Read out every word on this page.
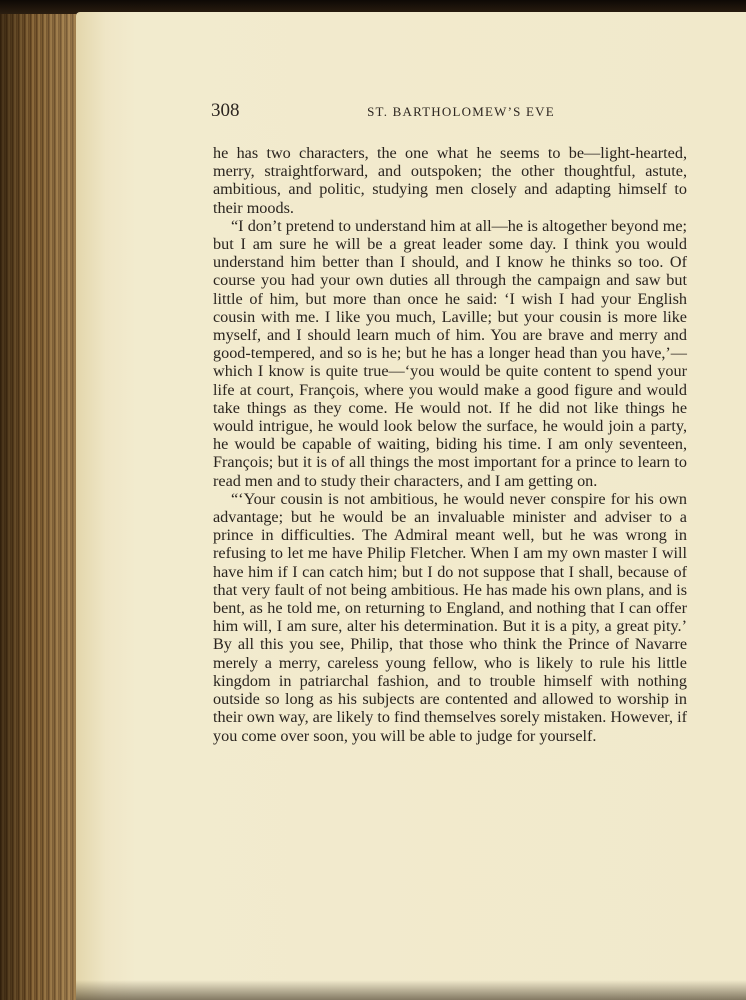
308	ST. BARTHOLOMEW’S EVE

he has two characters, the one what he seems to be—light-hearted, merry, straightforward, and outspoken; the other thoughtful, astute, ambitious, and politic, studying men closely and adapting himself to their moods.

“I don’t pretend to understand him at all—he is altogether beyond me; but I am sure he will be a great leader some day. I think you would understand him better than I should, and I know he thinks so too. Of course you had your own duties all through the campaign and saw but little of him, but more than once he said: ‘I wish I had your English cousin with me. I like you much, Laville; but your cousin is more like myself, and I should learn much of him. You are brave and merry and good-tempered, and so is he; but he has a longer head than you have,’—which I know is quite true—‘you would be quite content to spend your life at court, François, where you would make a good figure and would take things as they come. He would not. If he did not like things he would intrigue, he would look below the surface, he would join a party, he would be capable of waiting, biding his time. I am only seventeen, François; but it is of all things the most important for a prince to learn to read men and to study their characters, and I am getting on.

“‘Your cousin is not ambitious, he would never conspire for his own advantage; but he would be an invaluable minister and adviser to a prince in difficulties. The Admiral meant well, but he was wrong in refusing to let me have Philip Fletcher. When I am my own master I will have him if I can catch him; but I do not suppose that I shall, because of that very fault of not being ambitious. He has made his own plans, and is bent, as he told me, on returning to England, and nothing that I can offer him will, I am sure, alter his determination. But it is a pity, a great pity.’ By all this you see, Philip, that those who think the Prince of Navarre merely a merry, careless young fellow, who is likely to rule his little kingdom in patriarchal fashion, and to trouble himself with nothing outside so long as his subjects are contented and allowed to worship in their own way, are likely to find themselves sorely mistaken. However, if you come over soon, you will be able to judge for yourself.
